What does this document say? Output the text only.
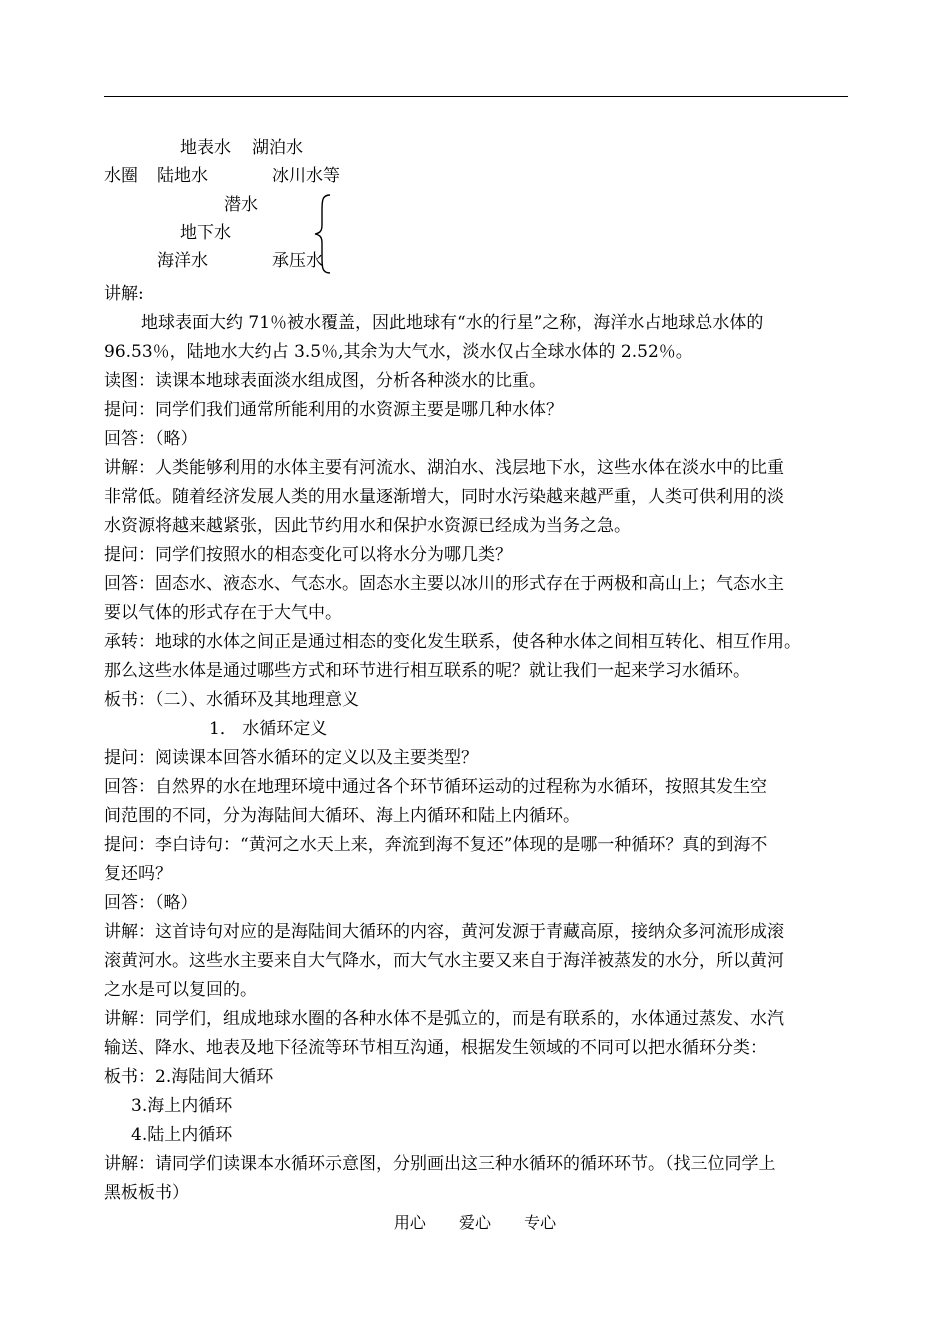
地表水 湖泊水
水圈 陆地水	冰川水等
潜水
地下水
海洋水	承压水
讲解:
地球表面大约 71％被水覆盖，因此地球有“水的行星”之称，海洋水占地球总水体的
96.53％，陆地水大约占 3.5％,其余为大气水，淡水仅占全球水体的 2.52％。
读图：读课本地球表面淡水组成图，分析各种淡水的比重。
提问：同学们我们通常所能利用的水资源主要是哪几种水体？
回答：（略）
讲解：人类能够利用的水体主要有河流水、湖泊水、浅层地下水，这些水体在淡水中的比重
非常低。随着经济发展人类的用水量逐渐增大，同时水污染越来越严重，人类可供利用的淡
水资源将越来越紧张，因此节约用水和保护水资源已经成为当务之急。
提问：同学们按照水的相态变化可以将水分为哪几类？
回答：固态水、液态水、气态水。固态水主要以冰川的形式存在于两极和高山上；气态水主
要以气体的形式存在于大气中。
承转：地球的水体之间正是通过相态的变化发生联系，使各种水体之间相互转化、相互作用。
那么这些水体是通过哪些方式和环节进行相互联系的呢？就让我们一起来学习水循环。
板书：（二）、水循环及其地理意义
1． 水循环定义
提问：阅读课本回答水循环的定义以及主要类型？
回答：自然界的水在地理环境中通过各个环节循环运动的过程称为水循环，按照其发生空
间范围的不同，分为海陆间大循环、海上内循环和陆上内循环。
提问：李白诗句：“黄河之水天上来，奔流到海不复还”体现的是哪一种循环？真的到海不
复还吗？
回答：（略）
讲解：这首诗句对应的是海陆间大循环的内容，黄河发源于青藏高原，接纳众多河流形成滚
滚黄河水。这些水主要来自大气降水，而大气水主要又来自于海洋被蒸发的水分，所以黄河
之水是可以复回的。
讲解：同学们，组成地球水圈的各种水体不是弧立的，而是有联系的，水体通过蒸发、水汽
输送、降水、地表及地下径流等环节相互沟通，根据发生领域的不同可以把水循环分类：
板书：2.海陆间大循环
3.海上内循环
4.陆上内循环
讲解：请同学们读课本水循环示意图，分别画出这三种水循环的循环环节。（找三位同学上
黑板板书）
用心 爱心 专心
